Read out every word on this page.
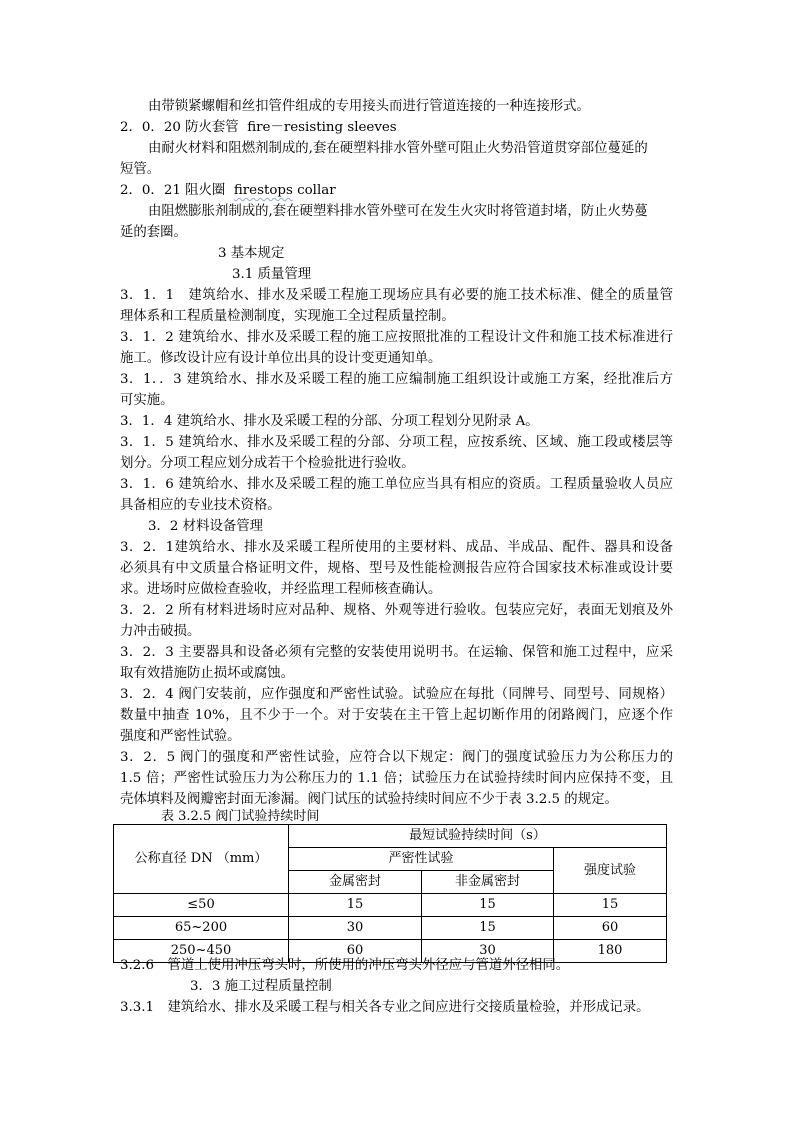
由带锁紧螺帽和丝扣管件组成的专用接头而进行管道连接的一种连接形式。
2．0．20 防火套管 fire－resisting sleeves
由耐火材料和阻燃剂制成的,套在硬塑料排水管外壁可阻止火势沿管道贯穿部位蔓延的
短管。
2．0．21 阻火圈 firestops collar
由阻燃膨胀剂制成的,套在硬塑料排水管外壁可在发生火灾时将管道封堵，防止火势蔓
延的套圈。
3 基本规定
3.1 质量管理
3．1．1　建筑给水、排水及采暖工程施工现场应具有必要的施工技术标准、健全的质量管
理体系和工程质量检测制度，实现施工全过程质量控制。
3．1．2 建筑给水、排水及采暖工程的施工应按照批准的工程设计文件和施工技术标准进行
施工。修改设计应有设计单位出具的设计变更通知单。
3．1．．3 建筑给水、排水及采暖工程的施工应编制施工组织设计或施工方案，经批准后方
可实施。
3．1．4 建筑给水、排水及采暖工程的分部、分项工程划分见附录 A。
3．1．5 建筑给水、排水及采暖工程的分部、分项工程，应按系统、区域、施工段或楼层等
划分。分项工程应划分成若干个检验批进行验收。
3．1．6 建筑给水、排水及采暖工程的施工单位应当具有相应的资质。工程质量验收人员应
具备相应的专业技术资格。
3．2 材料设备管理
3．2．1建筑给水、排水及采暖工程所使用的主要材料、成品、半成品、配件、器具和设备
必须具有中文质量合格证明文件，规格、型号及性能检测报告应符合国家技术标准或设计要
求。进场时应做检查验收，并经监理工程师核查确认。
3．2．2 所有材料进场时应对品种、规格、外观等进行验收。包装应完好，表面无划痕及外
力冲击破损。
3．2．3 主要器具和设备必须有完整的安装使用说明书。在运输、保管和施工过程中，应采
取有效措施防止损坏或腐蚀。
3．2．4 阀门安装前，应作强度和严密性试验。试验应在每批（同牌号、同型号、同规格）
数量中抽查 10%，且不少于一个。对于安装在主干管上起切断作用的闭路阀门，应逐个作
强度和严密性试验。
3．2．5 阀门的强度和严密性试验，应符合以下规定：阀门的强度试验压力为公称压力的
1.5 倍；严密性试验压力为公称压力的 1.1 倍；试验压力在试验持续时间内应保持不变，且
壳体填料及阀瓣密封面无渗漏。阀门试压的试验持续时间应不少于表 3.2.5 的规定。
表 3.2.5 阀门试验持续时间
公称直径 DN （mm）	最短试验持续时间（s）		
	严密性试验		强度试验
	金属密封	非金属密封	
≤50	15	15	15
65~200	30	15	60
250~450	60	30	180
3.2.6　管道上使用冲压弯头时，所使用的冲压弯头外径应与管道外径相同。
3．3 施工过程质量控制
3.3.1　建筑给水、排水及采暖工程与相关各专业之间应进行交接质量检验，并形成记录。
